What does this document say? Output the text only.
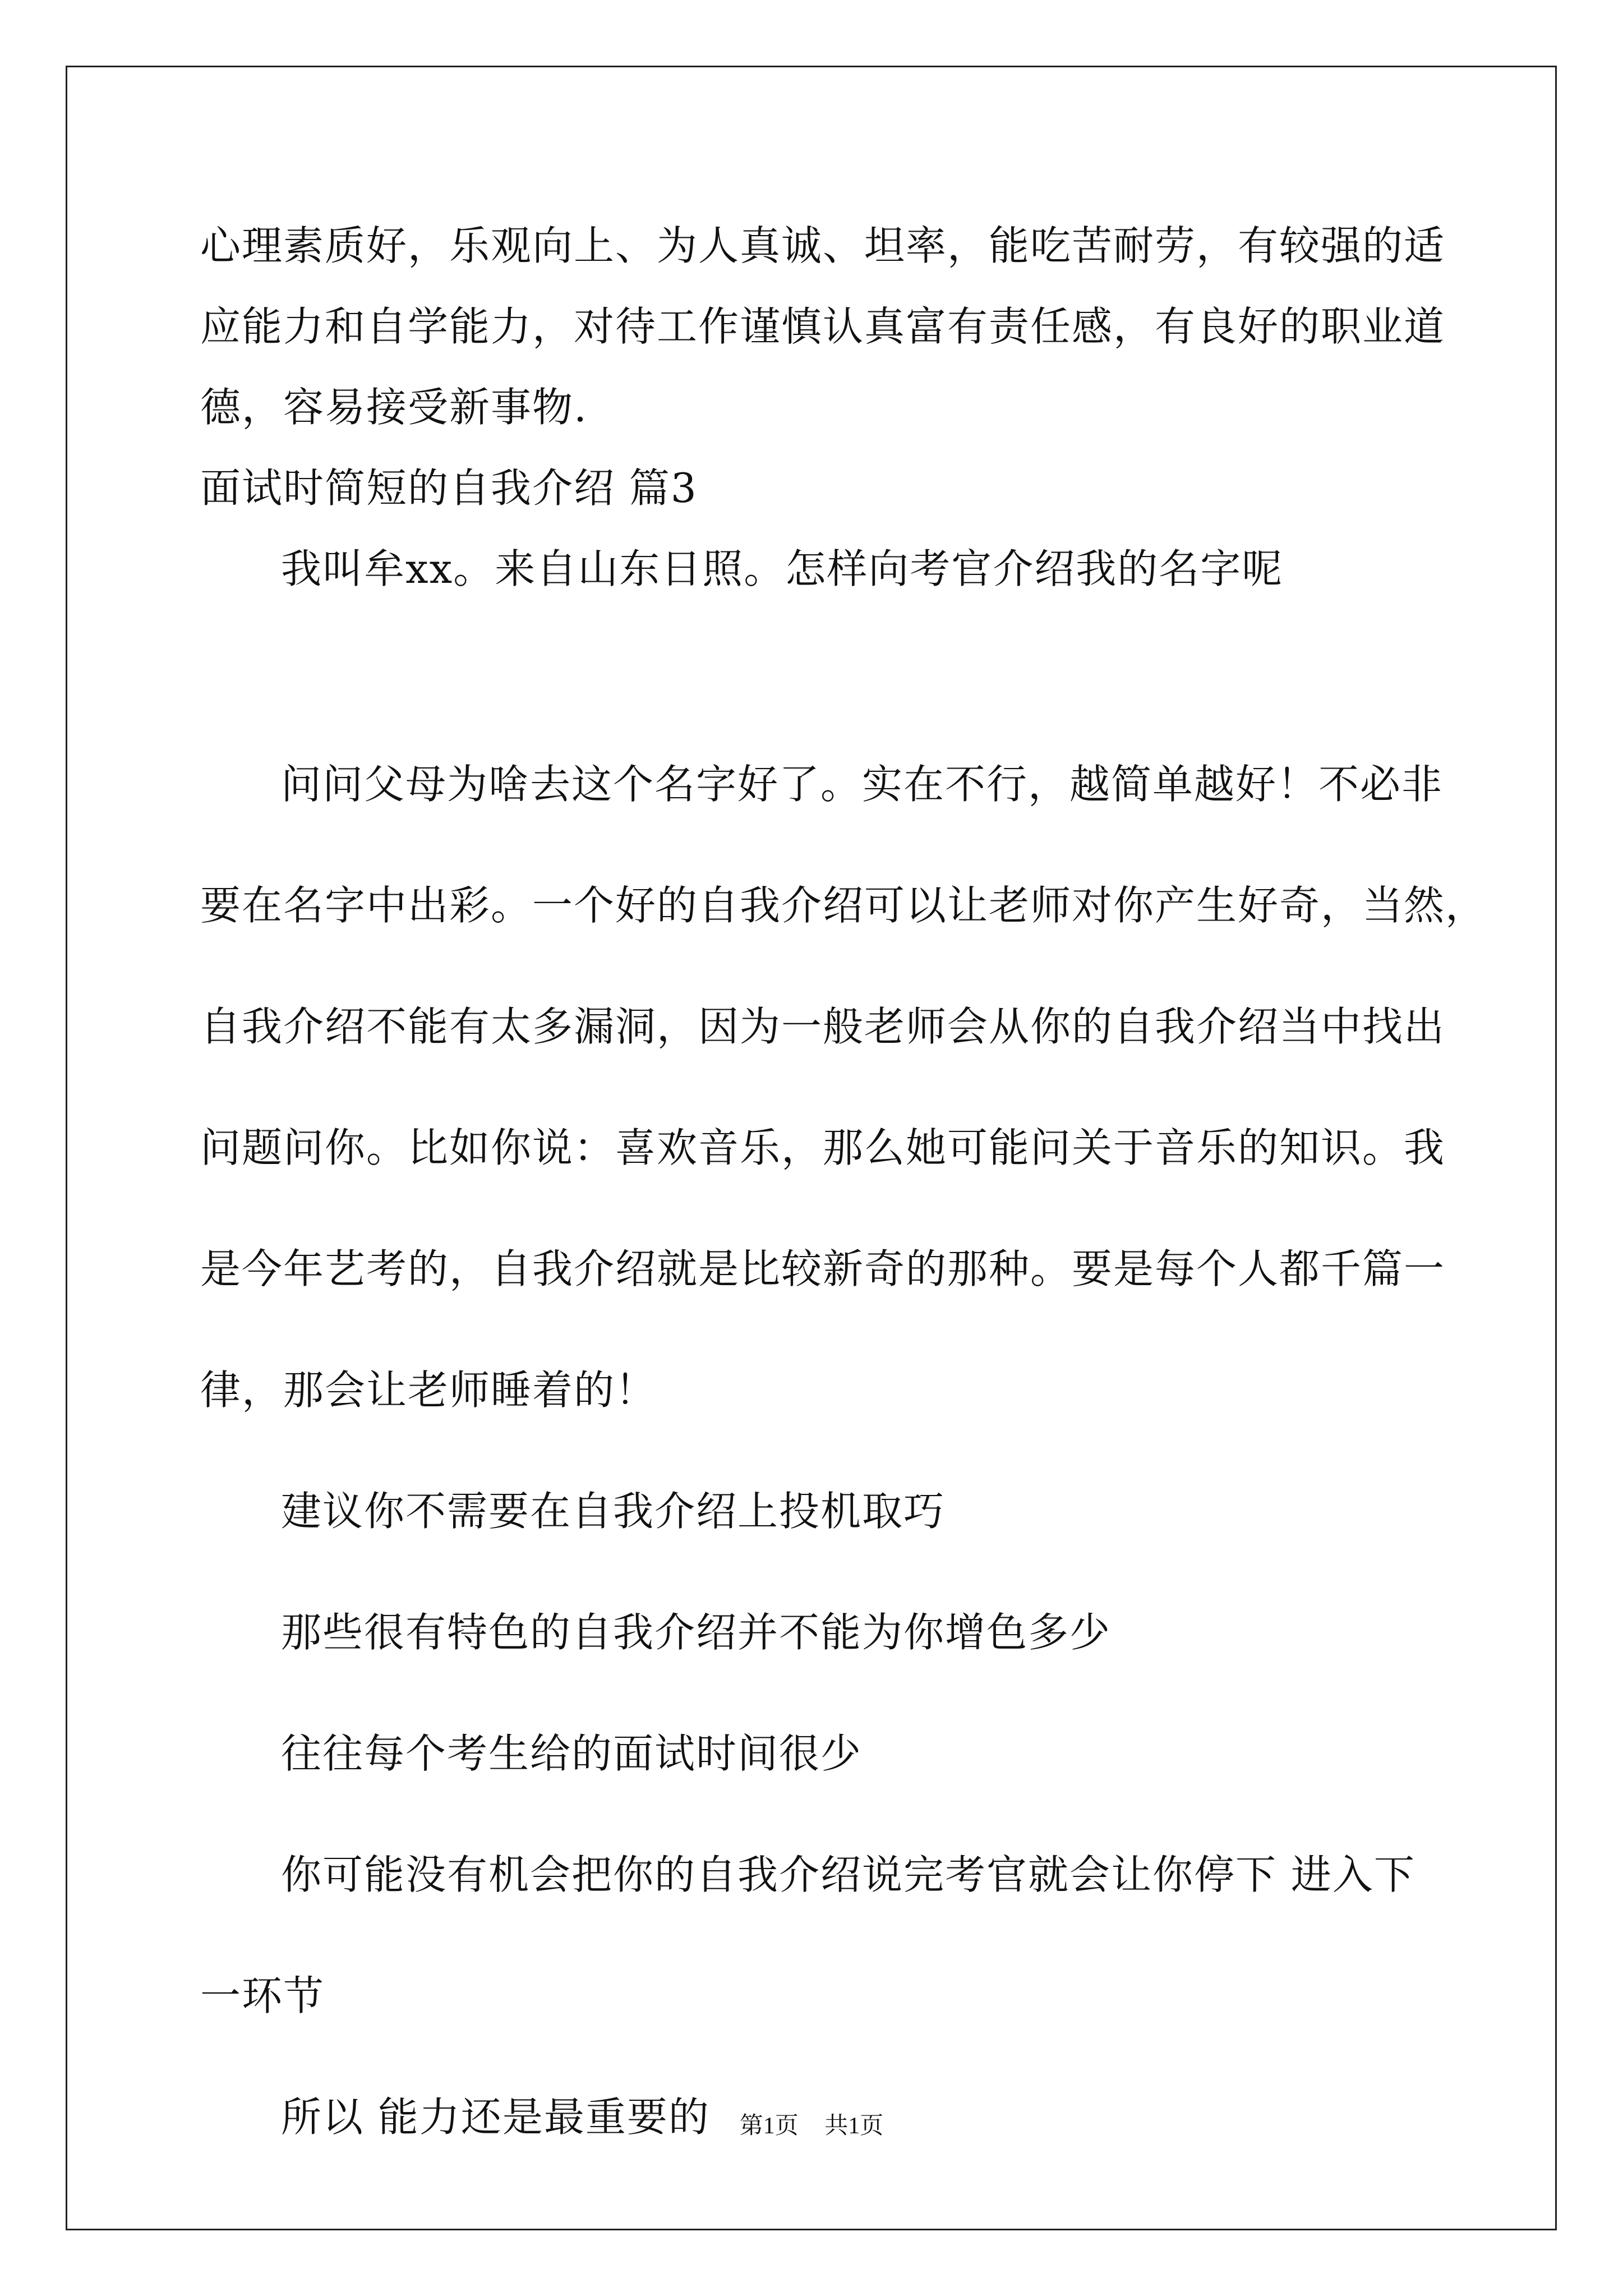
心理素质好，乐观向上、为人真诚、坦率，能吃苦耐劳，有较强的适
应能力和自学能力，对待工作谨慎认真富有责任感，有良好的职业道
德，容易接受新事物.
面试时简短的自我介绍 篇3
我叫牟xx。来自山东日照。怎样向考官介绍我的名字呢
问问父母为啥去这个名字好了。实在不行，越简单越好！不必非
要在名字中出彩。一个好的自我介绍可以让老师对你产生好奇，当然，
自我介绍不能有太多漏洞，因为一般老师会从你的自我介绍当中找出
问题问你。比如你说：喜欢音乐，那么她可能问关于音乐的知识。我
是今年艺考的，自我介绍就是比较新奇的那种。要是每个人都千篇一
律，那会让老师睡着的！
建议你不需要在自我介绍上投机取巧
那些很有特色的自我介绍并不能为你增色多少
往往每个考生给的面试时间很少
你可能没有机会把你的自我介绍说完考官就会让你停下 进入下
一环节
所以 能力还是最重要的	第1页 共1页
